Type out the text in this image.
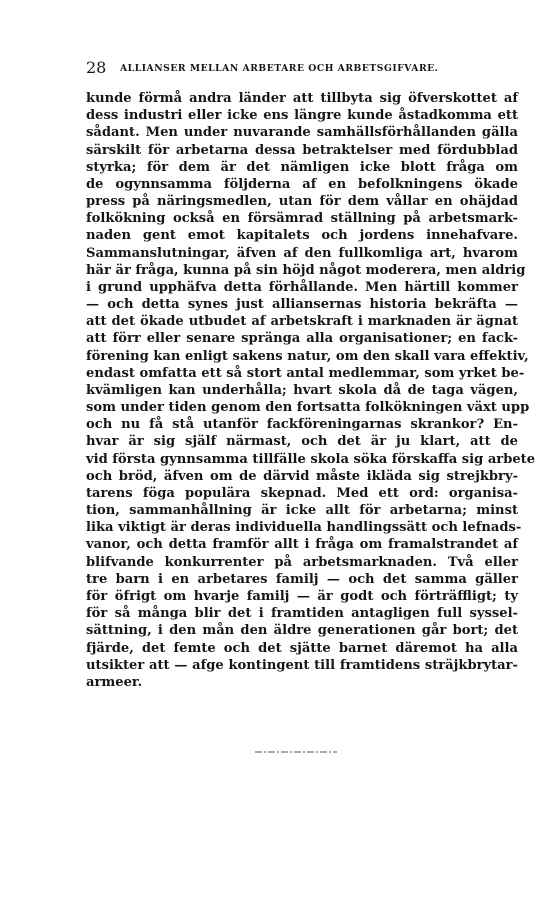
28 ALLIANSER MELLAN ARBETARE OCH ARBETSGIFVARE.
kunde förmå andra länder att tillbyta sig öfverskottet af
dess industri eller icke ens längre kunde åstadkomma ett
sådant. Men under nuvarande samhällsförhållanden gälla
särskilt för arbetarna dessa betraktelser med fördubblad
styrka; för dem är det nämligen icke blott fråga om
de ogynnsamma följderna af en befolkningens ökade
press på näringsmedlen, utan för dem vållar en ohäjdad
folkökning också en försämrad ställning på arbetsmark-
naden gent emot kapitalets och jordens innehafvare.
Sammanslutningar, äfven af den fullkomliga art, hvarom
här är fråga, kunna på sin höjd något moderera, men aldrig
i grund upphäfva detta förhållande. Men härtill kommer
— och detta synes just alliansernas historia bekräfta —
att det ökade utbudet af arbetskraft i marknaden är ägnat
att förr eller senare spränga alla organisationer; en fack-
förening kan enligt sakens natur, om den skall vara effektiv,
endast omfatta ett så stort antal medlemmar, som yrket be-
kvämligen kan underhålla; hvart skola då de taga vägen,
som under tiden genom den fortsatta folkökningen växt upp
och nu få stå utanför fackföreningarnas skrankor? En-
hvar är sig själf närmast, och det är ju klart, att de
vid första gynnsamma tillfälle skola söka förskaffa sig arbete
och bröd, äfven om de därvid måste ikläda sig strejkbry-
tarens föga populära skepnad. Med ett ord: organisa-
tion, sammanhållning är icke allt för arbetarna; minst
lika viktigt är deras individuella handlingssätt och lefnads-
vanor, och detta framför allt i fråga om framalstrandet af
blifvande konkurrenter på arbetsmarknaden. Två eller
tre barn i en arbetares familj — och det samma gäller
för öfrigt om hvarje familj — är godt och förträffligt; ty
för så många blir det i framtiden antagligen full syssel-
sättning, i den mån den äldre generationen går bort; det
fjärde, det femte och det sjätte barnet däremot ha alla
utsikter att — afge kontingent till framtidens sträjkbrytar-
armeer.
